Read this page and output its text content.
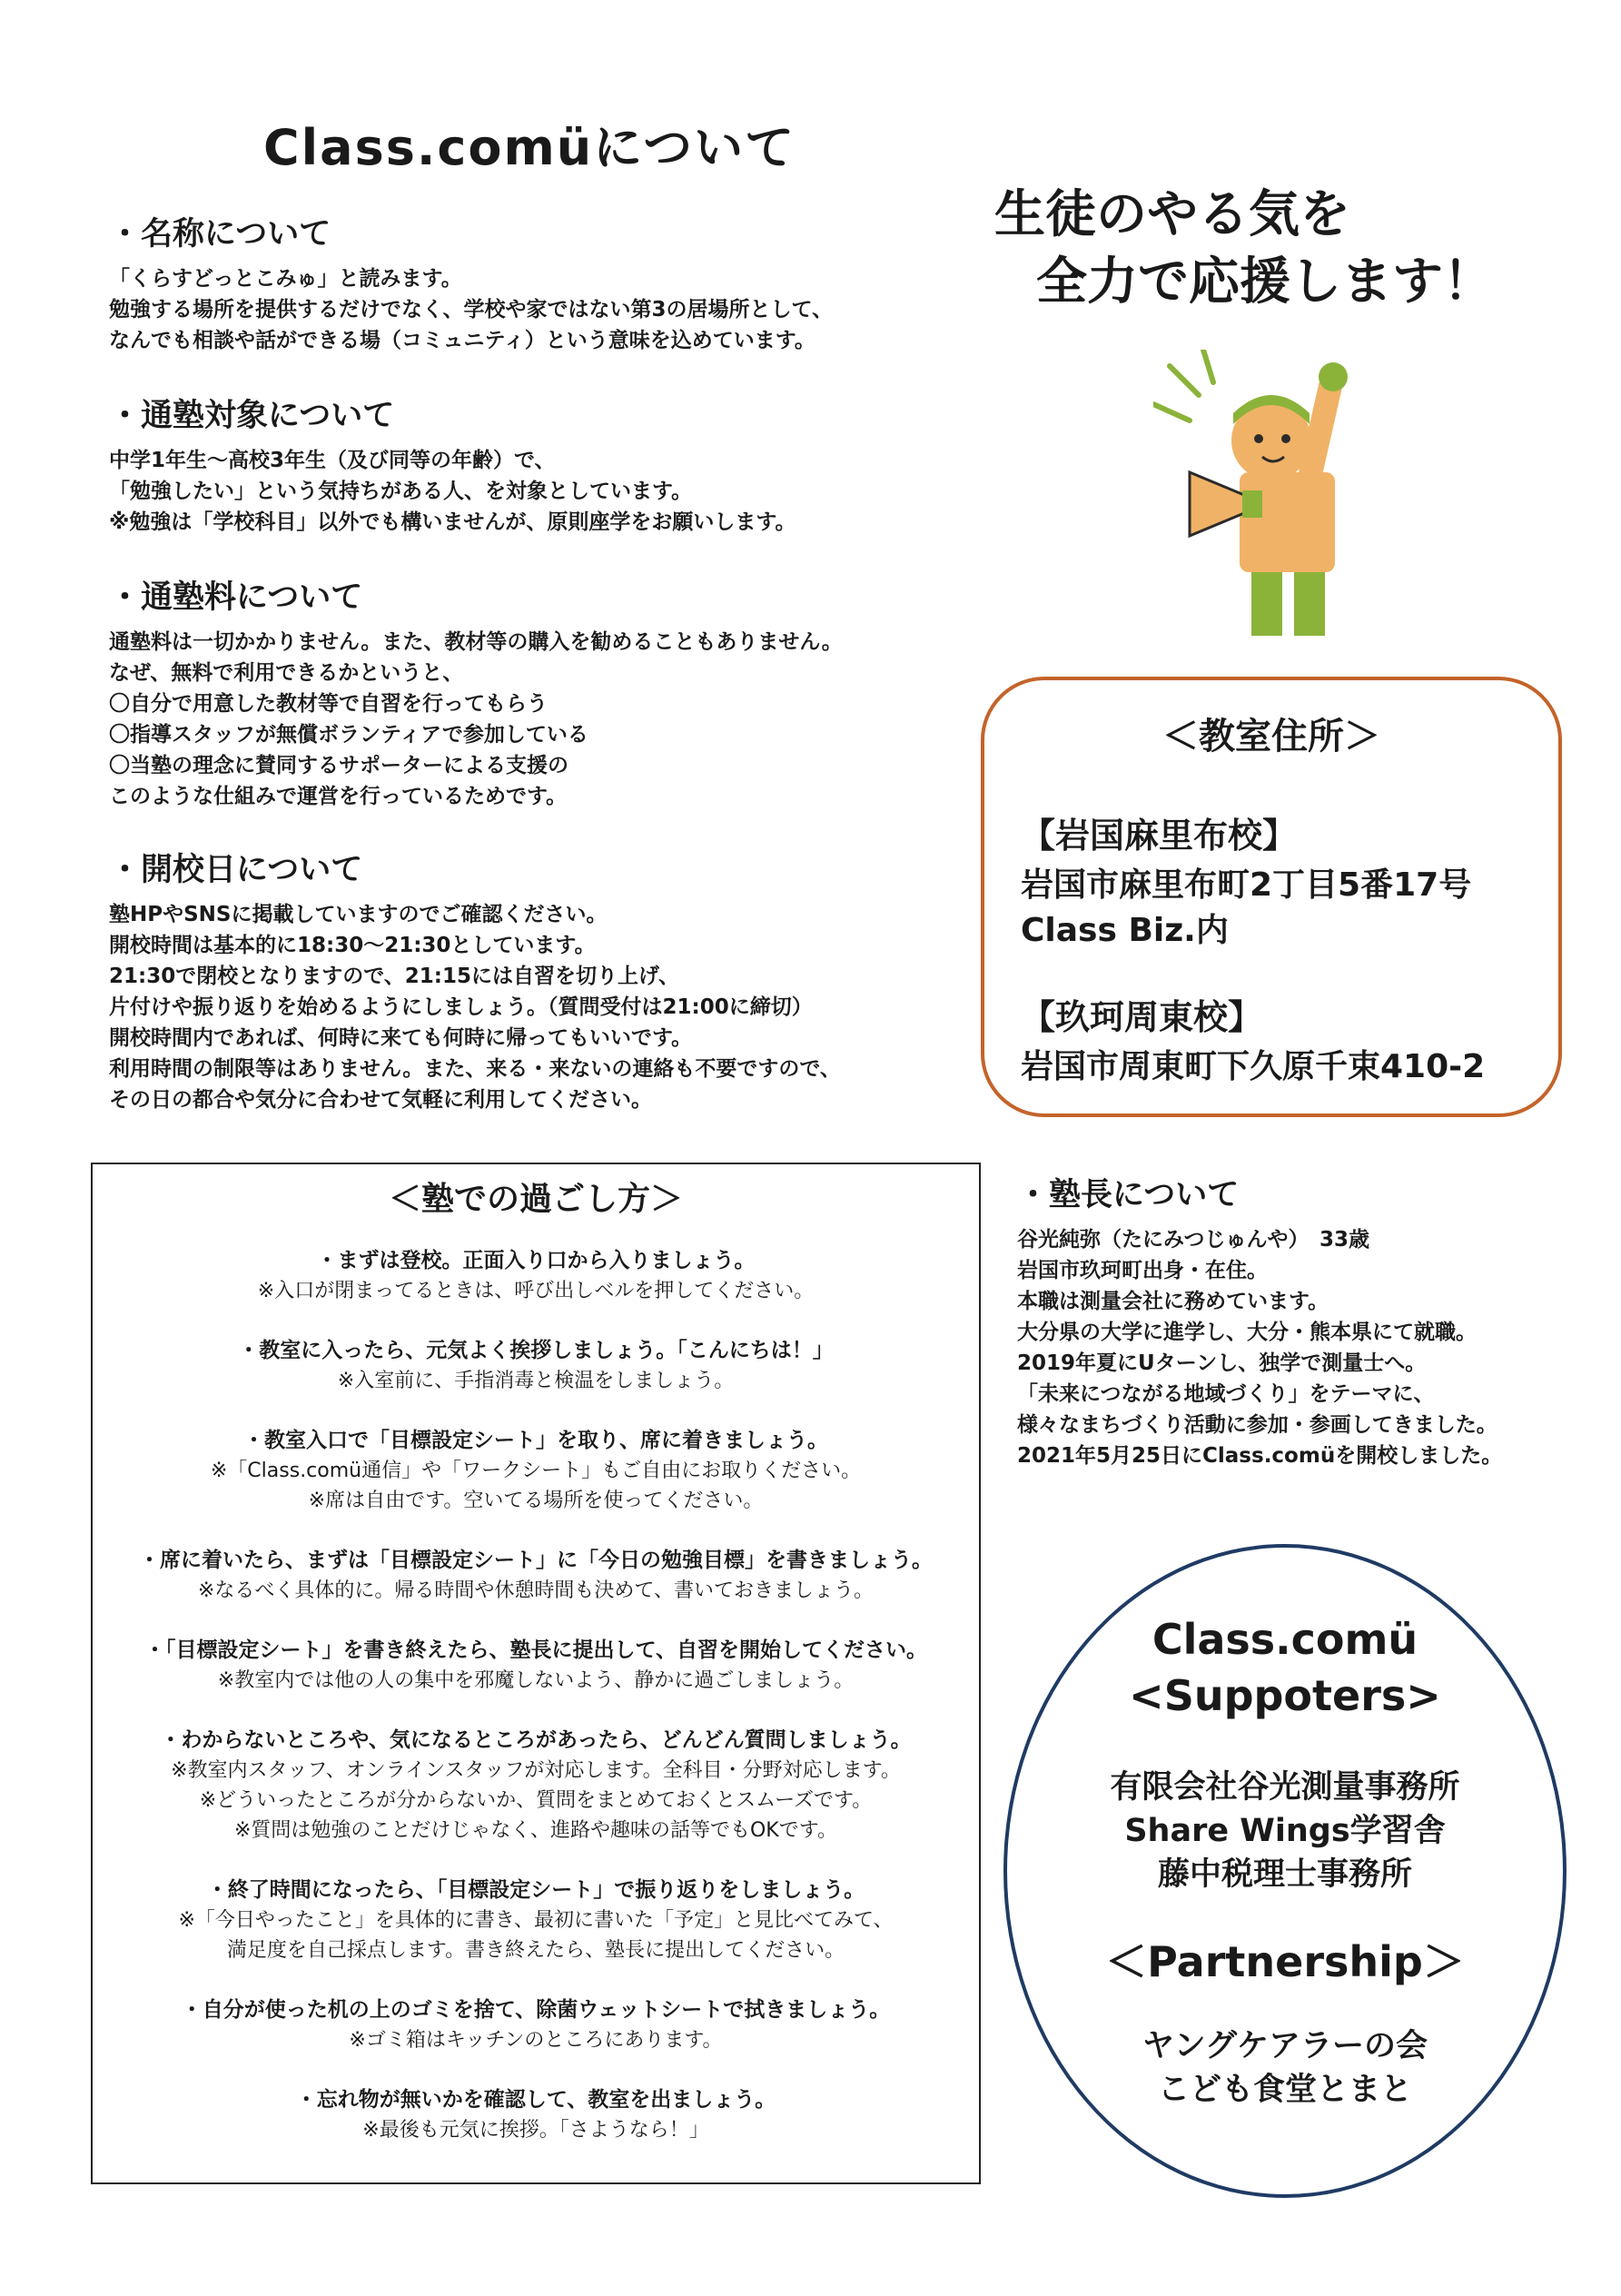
Class.comüについて

・名称について

「くらすどっとこみゅ」と読みます。

勉強する場所を提供するだけでなく、学校や家ではない第3の居場所として、

なんでも相談や話ができる場（コミュニティ）という意味を込めています。

・通塾対象について

中学1年生～高校3年生（及び同等の年齢）で、

「勉強したい」という気持ちがある人、を対象としています。

※勉強は「学校科目」以外でも構いませんが、原則座学をお願いします。

・通塾料について

通塾料は一切かかりません。また、教材等の購入を勧めることもありません。

なぜ、無料で利用できるかというと、

〇自分で用意した教材等で自習を行ってもらう

〇指導スタッフが無償ボランティアで参加している

〇当塾の理念に賛同するサポーターによる支援の

このような仕組みで運営を行っているためです。

・開校日について

塾HPやSNSに掲載していますのでご確認ください。

開校時間は基本的に18:30～21:30としています。

21:30で閉校となりますので、21:15には自習を切り上げ、

片付けや振り返りを始めるようにしましょう。（質問受付は21:00に締切）

開校時間内であれば、何時に来ても何時に帰ってもいいです。

利用時間の制限等はありません。また、来る・来ないの連絡も不要ですので、

その日の都合や気分に合わせて気軽に利用してください。

生徒のやる気を
全力で応援します！
＜教室住所＞

【岩国麻里布校】

岩国市麻里布町2丁目5番17号

Class Biz.内

【玖珂周東校】

岩国市周東町下久原千束410-2

＜塾での過ごし方＞

・まずは登校。正面入り口から入りましょう。

※入口が閉まってるときは、呼び出しベルを押してください。

・教室に入ったら、元気よく挨拶しましょう。「こんにちは！」

※入室前に、手指消毒と検温をしましょう。

・教室入口で「目標設定シート」を取り、席に着きましょう。

※「Class.comü通信」や「ワークシート」もご自由にお取りください。

※席は自由です。空いてる場所を使ってください。

・席に着いたら、まずは「目標設定シート」に「今日の勉強目標」を書きましょう。

※なるべく具体的に。帰る時間や休憩時間も決めて、書いておきましょう。

・「目標設定シート」を書き終えたら、塾長に提出して、自習を開始してください。

※教室内では他の人の集中を邪魔しないよう、静かに過ごしましょう。

・わからないところや、気になるところがあったら、どんどん質問しましょう。

※教室内スタッフ、オンラインスタッフが対応します。全科目・分野対応します。

※どういったところが分からないか、質問をまとめておくとスムーズです。

※質問は勉強のことだけじゃなく、進路や趣味の話等でもOKです。

・終了時間になったら、「目標設定シート」で振り返りをしましょう。

※「今日やったこと」を具体的に書き、最初に書いた「予定」と見比べてみて、

満足度を自己採点します。書き終えたら、塾長に提出してください。

・自分が使った机の上のゴミを捨て、除菌ウェットシートで拭きましょう。

※ゴミ箱はキッチンのところにあります。

・忘れ物が無いかを確認して、教室を出ましょう。

※最後も元気に挨拶。「さようなら！」

・塾長について

谷光純弥（たにみつじゅんや）　33歳

岩国市玖珂町出身・在住。

本職は測量会社に務めています。

大分県の大学に進学し、大分・熊本県にて就職。

2019年夏にUターンし、独学で測量士へ。

「未来につながる地域づくり」をテーマに、

様々なまちづくり活動に参加・参画してきました。

2021年5月25日にClass.comüを開校しました。

Class.comü
<Suppoters>
有限会社谷光測量事務所
Share Wings学習舎
藤中税理士事務所
＜Partnership＞
ヤングケアラーの会
こども食堂とまと
